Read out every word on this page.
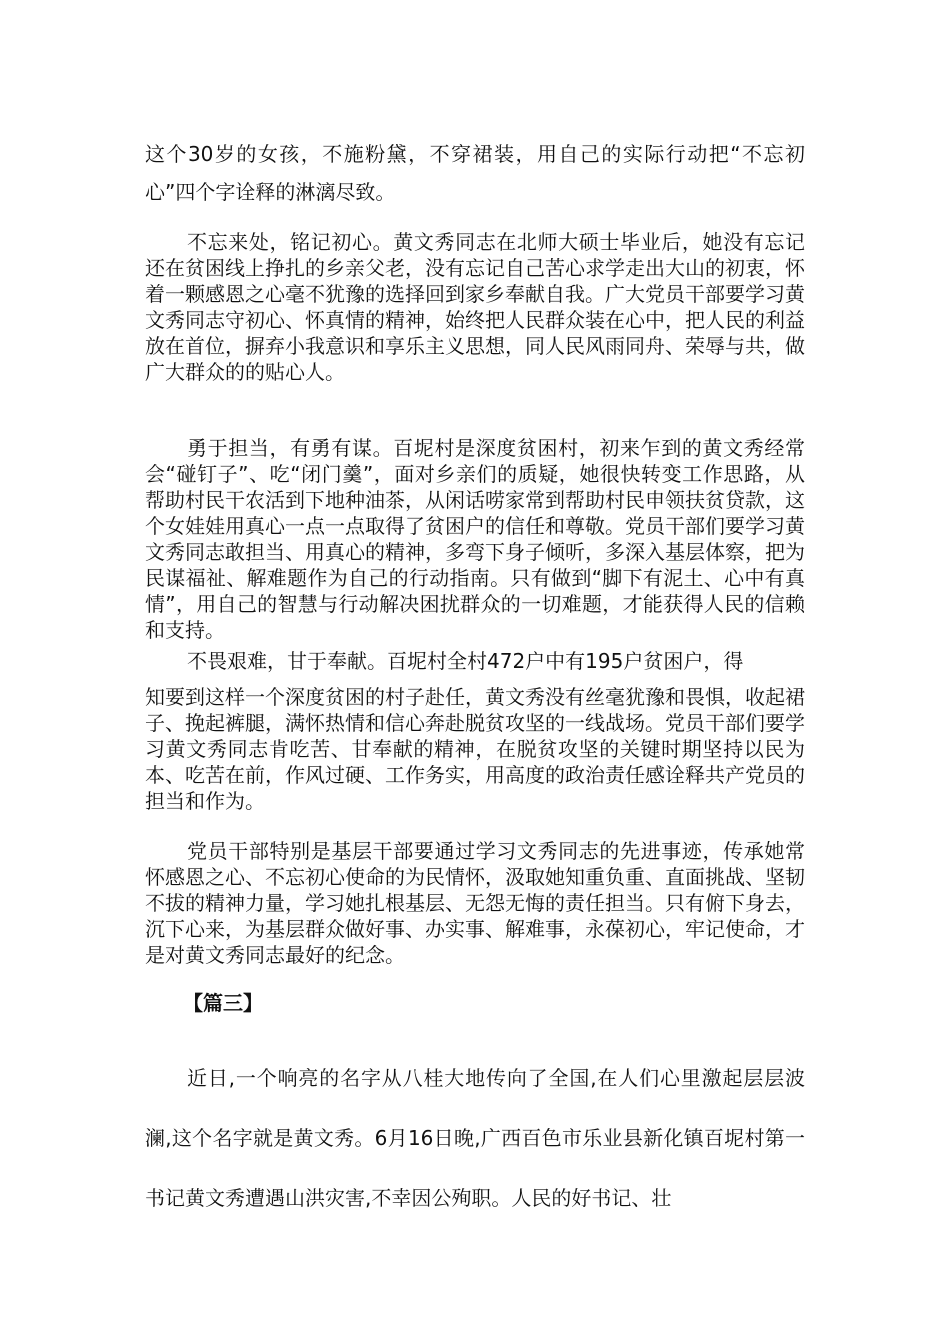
这个30岁的女孩，不施粉黛，不穿裙装，用自己的实际行动把“不忘初心”四个字诠释的淋漓尽致。

不忘来处，铭记初心。黄文秀同志在北师大硕士毕业后，她没有忘记还在贫困线上挣扎的乡亲父老，没有忘记自己苦心求学走出大山的初衷，怀着一颗感恩之心毫不犹豫的选择回到家乡奉献自我。广大党员干部要学习黄文秀同志守初心、怀真情的精神，始终把人民群众装在心中，把人民的利益放在首位，摒弃小我意识和享乐主义思想，同人民风雨同舟、荣辱与共，做广大群众的的贴心人。

勇于担当，有勇有谋。百坭村是深度贫困村，初来乍到的黄文秀经常会“碰钉子”、吃“闭门羹”，面对乡亲们的质疑，她很快转变工作思路，从帮助村民干农活到下地种油茶，从闲话唠家常到帮助村民申领扶贫贷款，这个女娃娃用真心一点一点取得了贫困户的信任和尊敬。党员干部们要学习黄文秀同志敢担当、用真心的精神，多弯下身子倾听，多深入基层体察，把为民谋福祉、解难题作为自己的行动指南。只有做到“脚下有泥土、心中有真情”，用自己的智慧与行动解决困扰群众的一切难题，才能获得人民的信赖和支持。

不畏艰难，甘于奉献。百坭村全村472户中有195户贫困户，得
知要到这样一个深度贫困的村子赴任，黄文秀没有丝毫犹豫和畏惧，收起裙子、挽起裤腿，满怀热情和信心奔赴脱贫攻坚的一线战场。党员干部们要学习黄文秀同志肯吃苦、甘奉献的精神，在脱贫攻坚的关键时期坚持以民为本、吃苦在前，作风过硬、工作务实，用高度的政治责任感诠释共产党员的担当和作为。

党员干部特别是基层干部要通过学习文秀同志的先进事迹，传承她常怀感恩之心、不忘初心使命的为民情怀，汲取她知重负重、直面挑战、坚韧不拔的精神力量，学习她扎根基层、无怨无悔的责任担当。只有俯下身去，沉下心来，为基层群众做好事、办实事、解难事，永葆初心，牢记使命，才是对黄文秀同志最好的纪念。

【篇三】

近日,一个响亮的名字从八桂大地传向了全国,在人们心里激起层层波澜,这个名字就是黄文秀。6月16日晚,广西百色市乐业县新化镇百坭村第一书记黄文秀遭遇山洪灾害,不幸因公殉职。人民的好书记、壮
